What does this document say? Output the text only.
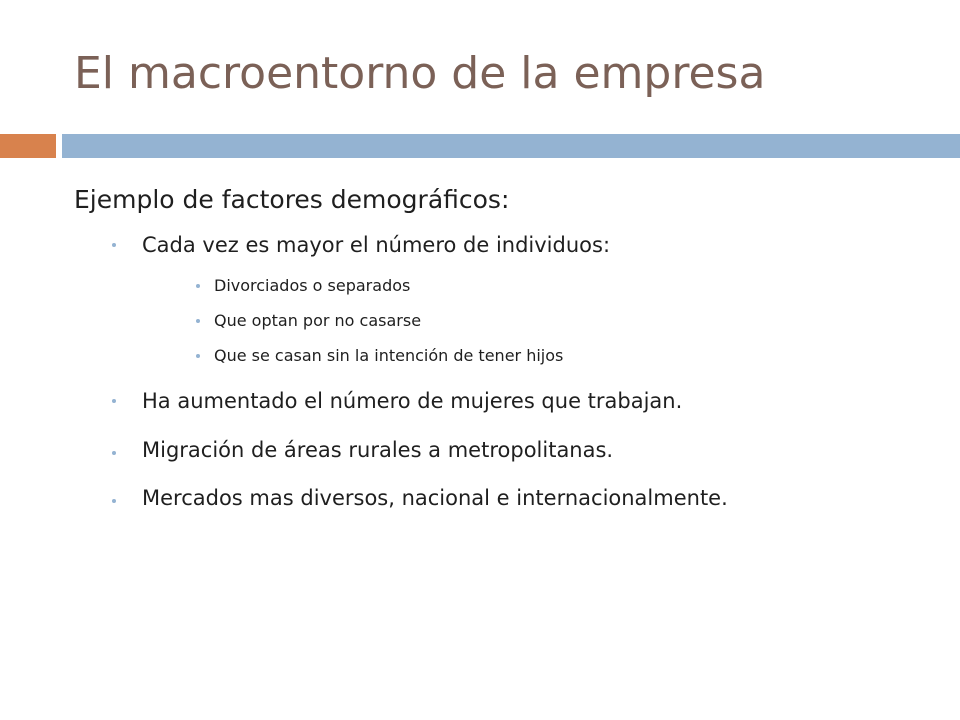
El macroentorno de la empresa

Ejemplo de factores demográficos:

Cada vez es mayor el número de individuos:
Divorciados o separados
Que optan por no casarse
Que se casan sin la intención de tener hijos
Ha aumentado el número de mujeres que trabajan.
Migración de áreas rurales a metropolitanas.
Mercados mas diversos, nacional e internacionalmente.
